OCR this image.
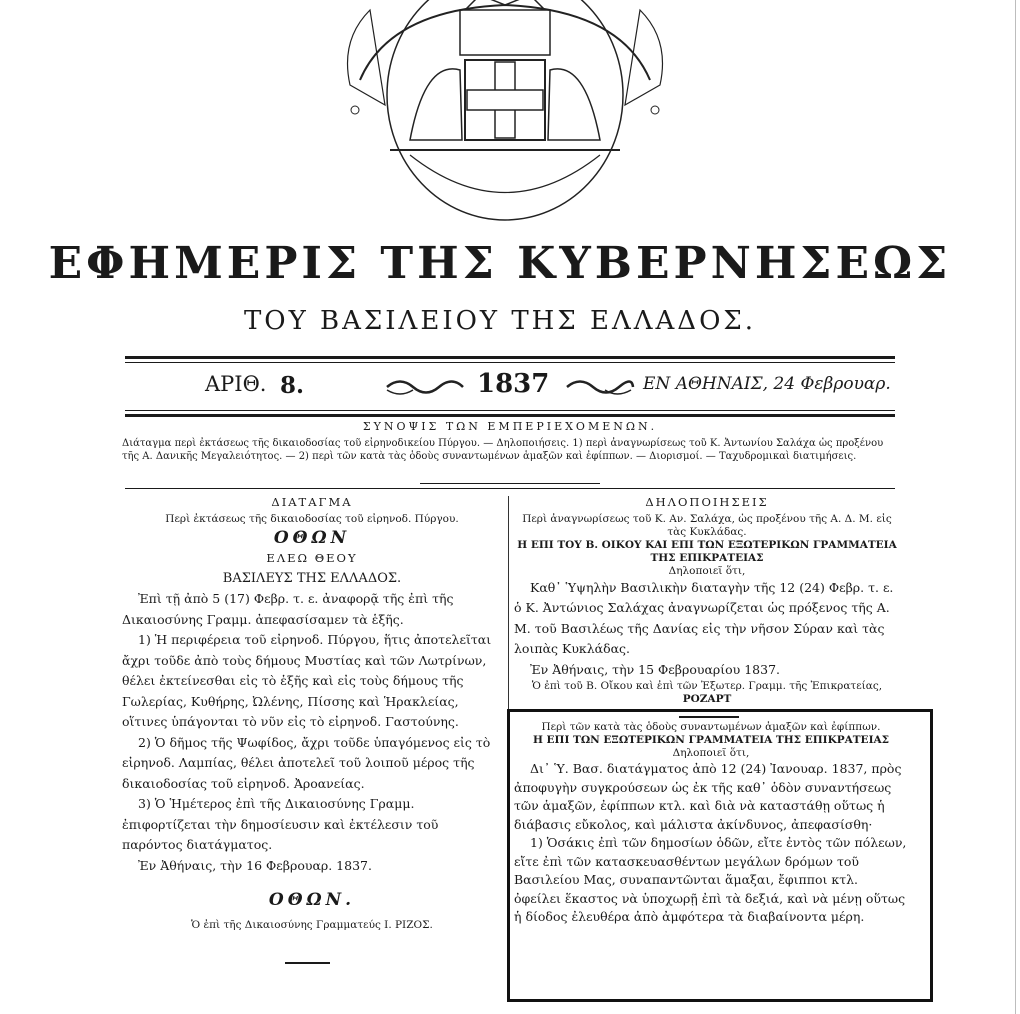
ΕΦΗΜΕΡΙΣ ΤΗΣ ΚΥΒΕΡΝΗΣΕΩΣ
ΤΟΥ ΒΑΣΙΛΕΙΟΥ ΤΗΣ ΕΛΛΑΔΟΣ.
ΑΡΙΘ. 8.	1837	ΕΝ ΑΘΗΝΑΙΣ, 24 Φεβρουαρ.
ΣΥΝΟΨΙΣ ΤΩΝ ΕΜΠΕΡΙΕΧΟΜΕΝΩΝ.
Διάταγμα περὶ ἐκτάσεως τῆς δικαιοδοσίας τοῦ εἰρηνοδικείου Πύργου. — Δηλοποιήσεις. 1) περὶ ἀναγνωρίσεως τοῦ Κ. Ἀντωνίου Σαλάχα ὡς προξένου τῆς Α. Δανικῆς Μεγαλειότητος. — 2) περὶ τῶν κατὰ τὰς ὁδοὺς συναντωμένων ἁμαξῶν καὶ ἐφίππων. — Διορισμοί. — Ταχυδρομικαὶ διατιμήσεις.

ΔΙΑΤΑΓΜΑ

Περὶ ἐκτάσεως τῆς δικαιοδοσίας τοῦ εἰρηνοδ. Πύργου.

ΟΘΩΝ

ΕΛΕΩ ΘΕΟΥ

ΒΑΣΙΛΕΥΣ ΤΗΣ ΕΛΛΑΔΟΣ.

Ἐπὶ τῇ ἀπὸ 5 (17) Φεβρ. τ. ε. ἀναφορᾷ τῆς ἐπὶ τῆς Δικαιοσύνης Γραμμ. ἀπεφασίσαμεν τὰ ἑξῆς.

1) Ἡ περιφέρεια τοῦ εἰρηνοδ. Πύργου, ἥτις ἀποτελεῖται ἄχρι τοῦδε ἀπὸ τοὺς δήμους Μυστίας καὶ τῶν Λωτρίνων, θέλει ἐκτείνεσθαι εἰς τὸ ἑξῆς καὶ εἰς τοὺς δήμους τῆς Γωλερίας, Κυθήρης, Ὠλένης, Πίσσης καὶ Ἡρακλείας, οἵτινες ὑπάγονται τὸ νῦν εἰς τὸ εἰρηνοδ. Γαστούνης.

2) Ὁ δῆμος τῆς Ψωφίδος, ἄχρι τοῦδε ὑπαγόμενος εἰς τὸ εἰρηνοδ. Λαμπίας, θέλει ἀποτελεῖ τοῦ λοιποῦ μέρος τῆς δικαιοδοσίας τοῦ εἰρηνοδ. Ἀροανείας.

3) Ὁ Ἡμέτερος ἐπὶ τῆς Δικαιοσύνης Γραμμ. ἐπιφορτίζεται τὴν δημοσίευσιν καὶ ἐκτέλεσιν τοῦ παρόντος διατάγματος.

Ἐν Ἀθήναις, τὴν 16 Φεβρουαρ. 1837.

ΟΘΩΝ.

Ὁ ἐπὶ τῆς Δικαιοσύνης Γραμματεύς Ι. ΡΙΖΟΣ.

ΔΗΛΟΠΟΙΗΣΕΙΣ

Περὶ ἀναγνωρίσεως τοῦ Κ. Αν. Σαλάχα, ὡς προξένου τῆς Α. Δ. Μ. εἰς τὰς Κυκλάδας.

Η ΕΠΙ ΤΟΥ Β. ΟΙΚΟΥ ΚΑΙ ΕΠΙ ΤΩΝ ΕΞΩΤΕΡΙΚΩΝ ΓΡΑΜΜΑΤΕΙΑ ΤΗΣ ΕΠΙΚΡΑΤΕΙΑΣ

Δηλοποιεῖ ὅτι,

Καθ᾽ Ὑψηλὴν Βασιλικὴν διαταγὴν τῆς 12 (24) Φεβρ. τ. ε. ὁ Κ. Ἀντώνιος Σαλάχας ἀναγνωρίζεται ὡς πρόξενος τῆς Α. Μ. τοῦ Βασιλέως τῆς Δανίας εἰς τὴν νῆσον Σύραν καὶ τὰς λοιπὰς Κυκλάδας.

Ἐν Ἀθήναις, τὴν 15 Φεβρουαρίου 1837.

Ὁ ἐπὶ τοῦ Β. Οἴκου καὶ ἐπὶ τῶν Ἐξωτερ. Γραμμ. τῆς Ἐπικρατείας,

ΡΟΖΑΡΤ

Περὶ τῶν κατὰ τὰς ὁδοὺς συναντωμένων ἁμαξῶν καὶ ἐφίππων.

Η ΕΠΙ ΤΩΝ ΕΞΩΤΕΡΙΚΩΝ ΓΡΑΜΜΑΤΕΙΑ ΤΗΣ ΕΠΙΚΡΑΤΕΙΑΣ

Δηλοποιεῖ ὅτι,

Δι᾽ Ὑ. Βασ. διατάγματος ἀπὸ 12 (24) Ἰανουαρ. 1837, πρὸς ἀποφυγὴν συγκρούσεων ὡς ἐκ τῆς καθ᾽ ὁδὸν συναντήσεως τῶν ἁμαξῶν, ἐφίππων κτλ. καὶ διὰ νὰ καταστάθῃ οὕτως ἡ διάβασις εὔκολος, καὶ μάλιστα ἀκίνδυνος, ἀπεφασίσθη·

1) Ὁσάκις ἐπὶ τῶν δημοσίων ὁδῶν, εἴτε ἐντὸς τῶν πόλεων, εἴτε ἐπὶ τῶν κατασκευασθέντων μεγάλων δρόμων τοῦ Βασιλείου Μας, συναπαντῶνται ἅμαξαι, ἔφιπποι κτλ. ὀφείλει ἕκαστος νὰ ὑποχωρῇ ἐπὶ τὰ δεξιά, καὶ νὰ μένῃ οὕτως ἡ δίοδος ἐλευθέρα ἀπὸ ἀμφότερα τὰ διαβαίνοντα μέρη.
